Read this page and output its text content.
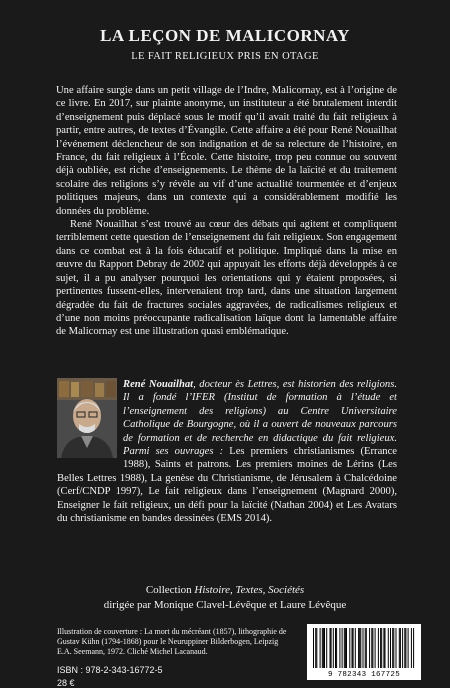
LA LEÇON DE MALICORNAY
LE FAIT RELIGIEUX PRIS EN OTAGE

Une affaire surgie dans un petit village de l’Indre, Malicornay, est à l’origine de ce livre. En 2017, sur plainte anonyme, un instituteur a été brutalement interdit d’enseignement puis déplacé sous le motif qu’il avait traité du fait religieux à partir, entre autres, de textes d’Évangile. Cette affaire a été pour René Nouailhat l’événement déclencheur de son indignation et de sa relecture de l’histoire, en France, du fait religieux à l’École. Cette histoire, trop peu connue ou souvent déjà oubliée, est riche d’enseignements. Le thème de la laïcité et du traitement scolaire des religions s’y révèle au vif d’une actualité tourmentée et d’enjeux politiques majeurs, dans un contexte qui a considérablement modifié les données du problème.

René Nouailhat s’est trouvé au cœur des débats qui agitent et compliquent terriblement cette question de l’enseignement du fait religieux. Son engagement dans ce combat est à la fois éducatif et politique. Impliqué dans la mise en œuvre du Rapport Debray de 2002 qui appuyait les efforts déjà développés à ce sujet, il a pu analyser pourquoi les orientations qui y étaient proposées, si pertinentes fussent-elles, intervenaient trop tard, dans une situation largement dégradée du fait de fractures sociales aggravées, de radicalismes religieux et d’une non moins préoccupante radicalisation laïque dont la lamentable affaire de Malicornay est une illustration quasi emblématique.

René Nouailhat, docteur ès Lettres, est historien des religions. Il a fondé l’IFER (Institut de formation à l’étude et l’enseignement des religions) au Centre Universitaire Catholique de Bourgogne, où il a ouvert de nouveaux parcours de formation et de recherche en didactique du fait religieux. Parmi ses ouvrages : Les premiers christianismes (Errance 1988), Saints et patrons. Les premiers moines de Lérins (Les Belles Lettres 1988), La genèse du Christianisme, de Jérusalem à Chalcédoine (Cerf/CNDP 1997), Le fait religieux dans l’enseignement (Magnard 2000), Enseigner le fait religieux, un défi pour la laïcité (Nathan 2004) et Les Avatars du christianisme en bandes dessinées (EMS 2014).
Collection Histoire, Textes, Sociétés
dirigée par Monique Clavel-Lévêque et Laure Lévêque
Illustration de couverture : La mort du mécréant (1857), lithographie de Gustav Kühn (1794-1868) pour le Neuruppiner Bilderbogen, Leipzig E.A. Seemann, 1972. Cliché Michel Lacanaud.
ISBN : 978-2-343-16772-5
28 €
9 782343 167725
